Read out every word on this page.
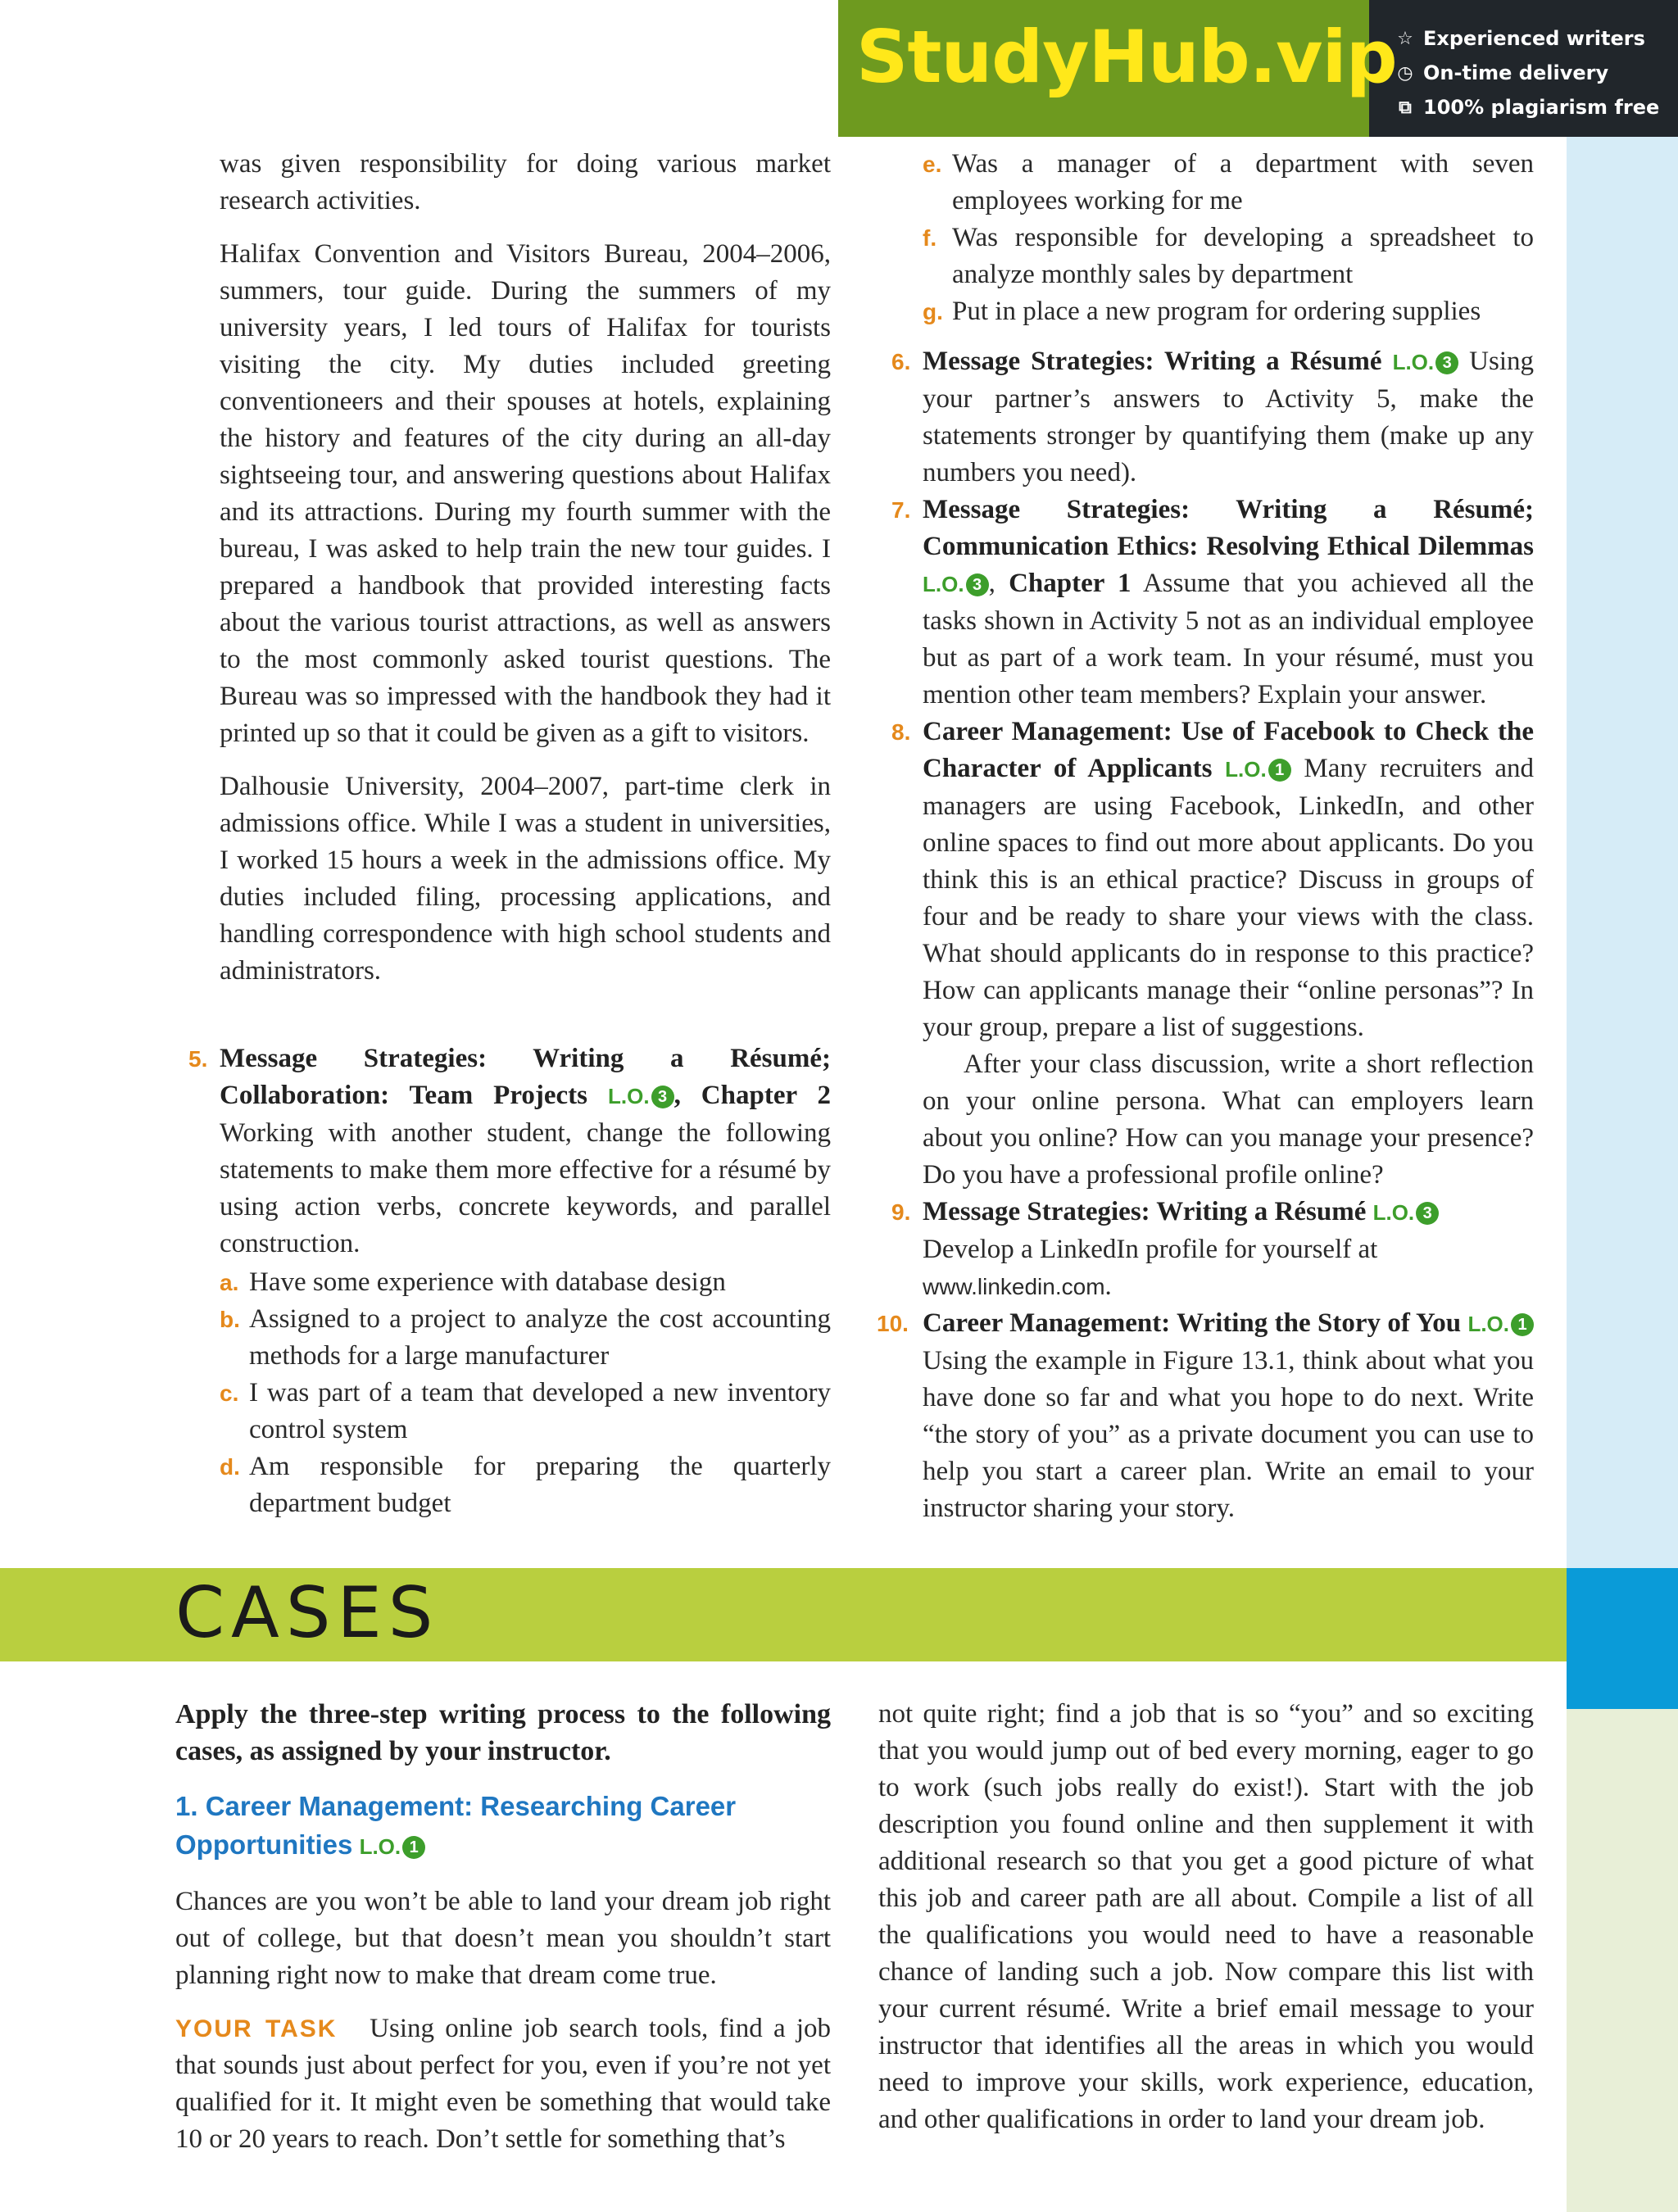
StudyHub.vip ☆ Experienced writers
◷ On-time delivery
⧉ 100% plagiarism free

was given responsibility for doing various market research activities.

Halifax Convention and Visitors Bureau, 2004–2006, summers, tour guide. During the summers of my university years, I led tours of Halifax for tourists visiting the city. My duties included greeting conventioneers and their spouses at hotels, explaining the history and features of the city during an all-day sightseeing tour, and answering questions about Halifax and its attractions. During my fourth summer with the bureau, I was asked to help train the new tour guides. I prepared a handbook that provided interesting facts about the various tourist attractions, as well as answers to the most commonly asked tourist questions. The Bureau was so impressed with the handbook they had it printed up so that it could be given as a gift to visitors.

Dalhousie University, 2004–2007, part-time clerk in admissions office. While I was a student in universities, I worked 15 hours a week in the admissions office. My duties included filing, processing applications, and handling correspondence with high school students and administrators.

5. Message Strategies: Writing a Résumé; Collaboration: Team Projects L.O. 3 , Chapter 2 Working with another student, change the following statements to make them more effective for a résumé by using action verbs, concrete keywords, and parallel construction.
a. Have some experience with database design
b. Assigned to a project to analyze the cost accounting methods for a large manufacturer
c. I was part of a team that developed a new inventory control system
d. Am responsible for preparing the quarterly department budget
e. Was a manager of a department with seven employees working for me
f. Was responsible for developing a spreadsheet to analyze monthly sales by department
g. Put in place a new program for ordering supplies
6. Message Strategies: Writing a Résumé L.O. 3 Using your partner’s answers to Activity 5, make the statements stronger by quantifying them (make up any numbers you need).
7. Message Strategies: Writing a Résumé; Communication Ethics: Resolving Ethical Dilemmas L.O. 3 , Chapter 1 Assume that you achieved all the tasks shown in Activity 5 not as an individual employee but as part of a work team. In your résumé, must you mention other team members? Explain your answer.
8. Career Management: Use of Facebook to Check the Character of Applicants L.O. 1 Many recruiters and managers are using Facebook, LinkedIn, and other online spaces to find out more about applicants. Do you think this is an ethical practice? Discuss in groups of four and be ready to share your views with the class. What should applicants do in response to this practice? How can applicants manage their “online personas”? In your group, prepare a list of suggestions.

After your class discussion, write a short reflection on your online persona. What can employers learn about you online? How can you manage your presence? Do you have a professional profile online?

9. Message Strategies: Writing a Résumé L.O. 3 Develop a LinkedIn profile for yourself at www.linkedin.com.
10. Career Management: Writing the Story of You L.O. 1 Using the example in Figure 13.1, think about what you have done so far and what you hope to do next. Write “the story of you” as a private document you can use to help you start a career plan. Write an email to your instructor sharing your story.
CASES

Apply the three-step writing process to the following cases, as assigned by your instructor.

1. Career Management: Researching Career Opportunities L.O. 1

Chances are you won’t be able to land your dream job right out of college, but that doesn’t mean you shouldn’t start planning right now to make that dream come true.

YOUR TASK Using online job search tools, find a job that sounds just about perfect for you, even if you’re not yet qualified for it. It might even be something that would take 10 or 20 years to reach. Don’t settle for something that’s

not quite right; find a job that is so “you” and so exciting that you would jump out of bed every morning, eager to go to work (such jobs really do exist!). Start with the job description you found online and then supplement it with additional research so that you get a good picture of what this job and career path are all about. Compile a list of all the qualifications you would need to have a reasonable chance of landing such a job. Now compare this list with your current résumé. Write a brief email message to your instructor that identifies all the areas in which you would need to improve your skills, work experience, education, and other qualifications in order to land your dream job.
